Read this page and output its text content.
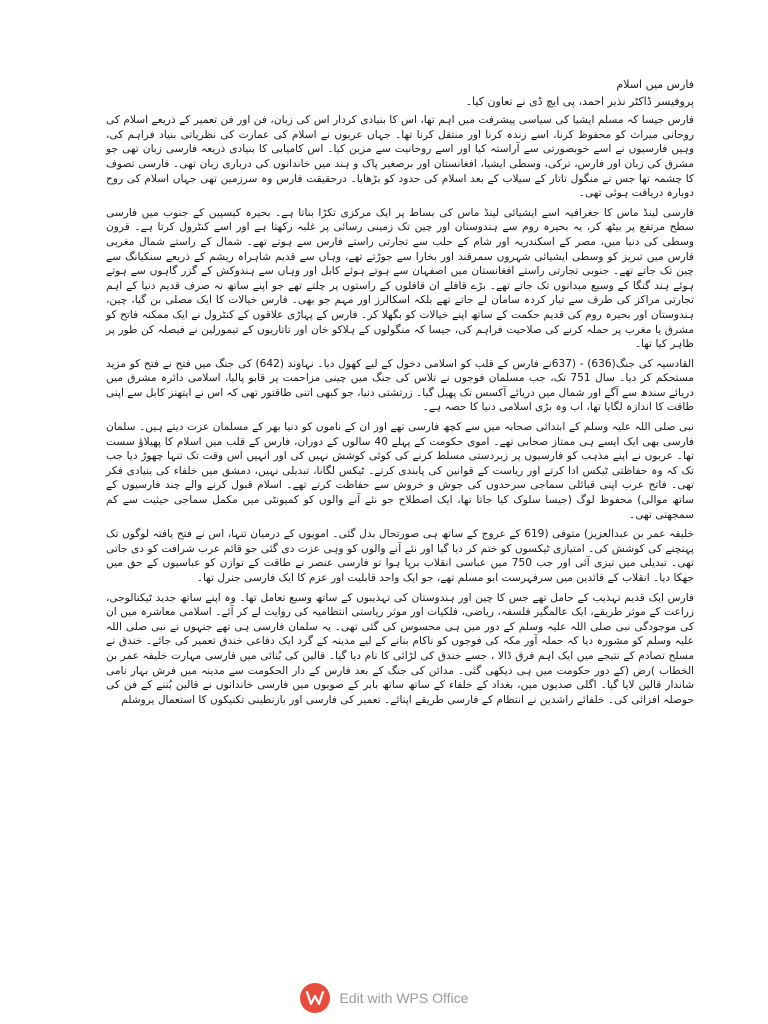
فارس میں اسلام
پروفیسر ڈاکٹر نذیر احمد، پی ایچ ڈی نے تعاون کیا۔

فارس جیسا کہ مسلم ایشیا کی سیاسی پیشرفت میں اہم تھا، اس کا بنیادی کردار اس کی زبان، فن اور فن تعمیر کے ذریعے اسلام کی روحانی میراث کو محفوظ کرنا، اسے زندہ کرنا اور منتقل کرنا تھا۔ جہاں عربوں نے اسلام کی عمارت کی نظریاتی بنیاد فراہم کی، وہیں فارسیوں نے اسے خوبصورتی سے آراستہ کیا اور اسے روحانیت سے مزین کیا۔ اس کامیابی کا بنیادی ذریعہ فارسی زبان تھی جو مشرق کی زبان اور فارس، ترکی، وسطی ایشیا، افغانستان اور برصغیر پاک و ہند میں خاندانوں کی درباری زبان تھی۔ فارسی تصوف کا چشمہ تھا جس نے منگول تاتار کے سیلاب کے بعد اسلام کی حدود کو بڑھایا۔ درحقیقت فارس وہ سرزمین تھی جہاں اسلام کی روح دوبارہ دریافت ہوئی تھی۔

فارسی لینڈ ماس کا جغرافیہ اسے ایشیائی لینڈ ماس کی بساط پر ایک مرکزی تکڑا بناتا ہے۔ بحیرہ کیسپین کے جنوب میں فارسی سطح مرتفع پر بیٹھ کر، یہ بحیرہ روم سے ہندوستان اور چین تک زمینی رسائی پر غلبہ رکھتا ہے اور اسے کنٹرول کرتا ہے۔ قرون وسطی کی دنیا میں، مصر کے اسکندریہ اور شام کے حلب سے تجارتی راستے فارس سے ہوتے تھے۔ شمال کے راستے شمال مغربی فارس میں تبریز کو وسطی ایشیائی شہروں سمرقند اور بخارا سے جوڑتے تھے، وہاں سے قدیم شاہراہ ریشم کے ذریعے سنکیانگ سے چین تک جاتے تھے۔ جنوبی تجارتی راستے افغانستان میں اصفہان سے ہوتے ہوئے کابل اور وہاں سے ہندوکش کے گزر گاہوں سے ہوتے ہوئے ہند گنگا کے وسیع میدانوں تک جاتے تھے۔ بڑے قافلے ان قافلوں کے راستوں پر چلتے تھے جو اپنے ساتھ نہ صرف قدیم دنیا کے اہم تجارتی مراکز کی طرف سے تیار کردہ سامان لے جاتے تھے بلکہ اسکالرز اور مہم جو بھی۔ فارس خیالات کا ایک مصلی بن گیا، چین، ہندوستان اور بحیرہ روم کی قدیم حکمت کے ساتھ اپنے خیالات کو بگھلا کر۔ فارس کے پہاڑی علاقوں کے کنٹرول نے ایک ممکنہ فاتح کو مشرق یا مغرب پر حملہ کرنے کی صلاحیت فراہم کی، جیسا کہ منگولوں کے ہلاکو خان اور تاتاریوں کے تیمورلین نے فیصلہ کن طور پر ظاہر کیا تھا۔

القادسیہ کی جنگ(636) - (637نے فارس کے قلب کو اسلامی دخول کے لیے کھول دیا۔ نہاوند (642) کی جنگ میں فتح نے فتح کو مزید مستحکم کر دیا۔ سال 751 تک، جب مسلمان فوجوں نے تلاس کی جنگ میں چینی مزاحمت پر قابو پالیا، اسلامی دائرہ مشرق میں دریائے سندھ سے آگے اور شمال میں دریائے آکسس تک پھیل گیا۔ زرتشتی دنیا، جو کبھی اتنی طاقتور تھی کہ اس نے ایتھنز کابل سے اپنی طاقت کا اندازہ لگایا تھا، اب وہ بڑی اسلامی دنیا کا حصہ ہے۔

نبی صلی اللہ علیہ وسلم کے ابتدائی صحابہ میں سے کچھ فارسی تھے اور ان کے ناموں کو دنیا بھر کے مسلمان عزت دیتے ہیں۔ سلمان فارسی بھی ایک ایسے ہی ممتاز صحابی تھے۔ اموی حکومت کے پہلے 40 سالوں کے دوران، فارس کے قلب میں اسلام کا پھیلاؤ سست تھا۔ عربوں نے اپنے مذہب کو فارسیوں پر زبردستی مسلط کرنے کی کوئی کوشش نہیں کی اور انہیں اس وقت تک تنہا چھوڑ دیا جب تک کہ وہ حفاظتی ٹیکس ادا کرتے اور ریاست کے قوانین کی پابندی کرتے۔ ٹیکس لگانا، تبدیلی نہیں، دمشق میں خلفاء کی بنیادی فکر تھی۔ فاتح عرب اپنی قبائلی سماجی سرحدوں کی جوش و خروش سے حفاظت کرتے تھے۔ اسلام قبول کرنے والے چند فارسیوں کے ساتھ موالی) محفوظ لوگ (جیسا سلوک کیا جاتا تھا، ایک اصطلاح جو نئے آنے والوں کو کمیونٹی میں مکمل سماجی حیثیت سے کم سمجھتی تھی۔

خلیفہ عمر بن عبدالعزیز) متوفی (619 کے عروج کے ساتھ ہی صورتحال بدل گئی۔ امویوں کے درمیان تنہا، اس نے فتح یافتہ لوگوں تک پہنچنے کی کوشش کی۔ امتیازی ٹیکسوں کو ختم کر دیا گیا اور نئے آنے والوں کو وہی عزت دی گئی جو قائم عرب شرافت کو دی جاتی تھی۔ تبدیلی میں تیزی آئی اور جب 750 میں عباسی انقلاب برپا ہوا تو فارسی عنصر نے طاقت کے توازن کو عباسیوں کے حق میں جھکا دیا۔ انقلاب کے قائدین میں سرفہرست ابو مسلم تھے، جو ایک واحد قابلیت اور عزم کا ایک فارسی جنرل تھا۔

فارس ایک قدیم تہذیب کے حامل تھے جس کا چین اور ہندوستان کی تہذیبوں کے ساتھ وسیع تعامل تھا۔ وہ اپنے ساتھ جدید ٹیکنالوجی، زراعت کے موثر طریقے، ایک عالمگیر فلسفہ، ریاضی، فلکیات اور موثر ریاستی انتظامیہ کی روایت لے کر آئے۔ اسلامی معاشرہ میں ان کی موجودگی نبی صلی اللہ علیہ وسلم کے دور میں ہی محسوس کی گئی تھی۔ یہ سلمان فارسی ہی تھے جنہوں نے نبی صلی اللہ علیہ وسلم کو مشورہ دیا کہ حملہ آور مکہ کی فوجوں کو ناکام بنانے کے لیے مدینہ کے گرد ایک دفاعی خندق تعمیر کی جائے۔ خندق نے مسلح تصادم کے نتیجے میں ایک اہم فرق ڈالا ، جسے خندق کی لڑائی کا نام دیا گیا۔ قالین کی بُنائی میں فارسی مہارت خلیفہ عمر بن الخطاب )رض (کے دور حکومت میں ہی دیکھی گئی۔ مدائن کی جنگ کے بعد فارس کے دار الحکومت سے مدینہ میں فرش بہار نامی شاندار قالین لایا گیا۔ اگلی صدیوں میں، بغداد کے خلفاء کے ساتھ ساتھ بابر کے صوبوں میں فارسی خاندانوں نے قالین بُننے کے فن کی حوصلہ افزائی کی۔ خلفائے راشدین نے انتظام کے فارسی طریقے اپنائے۔ تعمیر کی فارسی اور بازنطینی تکنیکوں کا استعمال یروشلم

Edit with WPS Office
